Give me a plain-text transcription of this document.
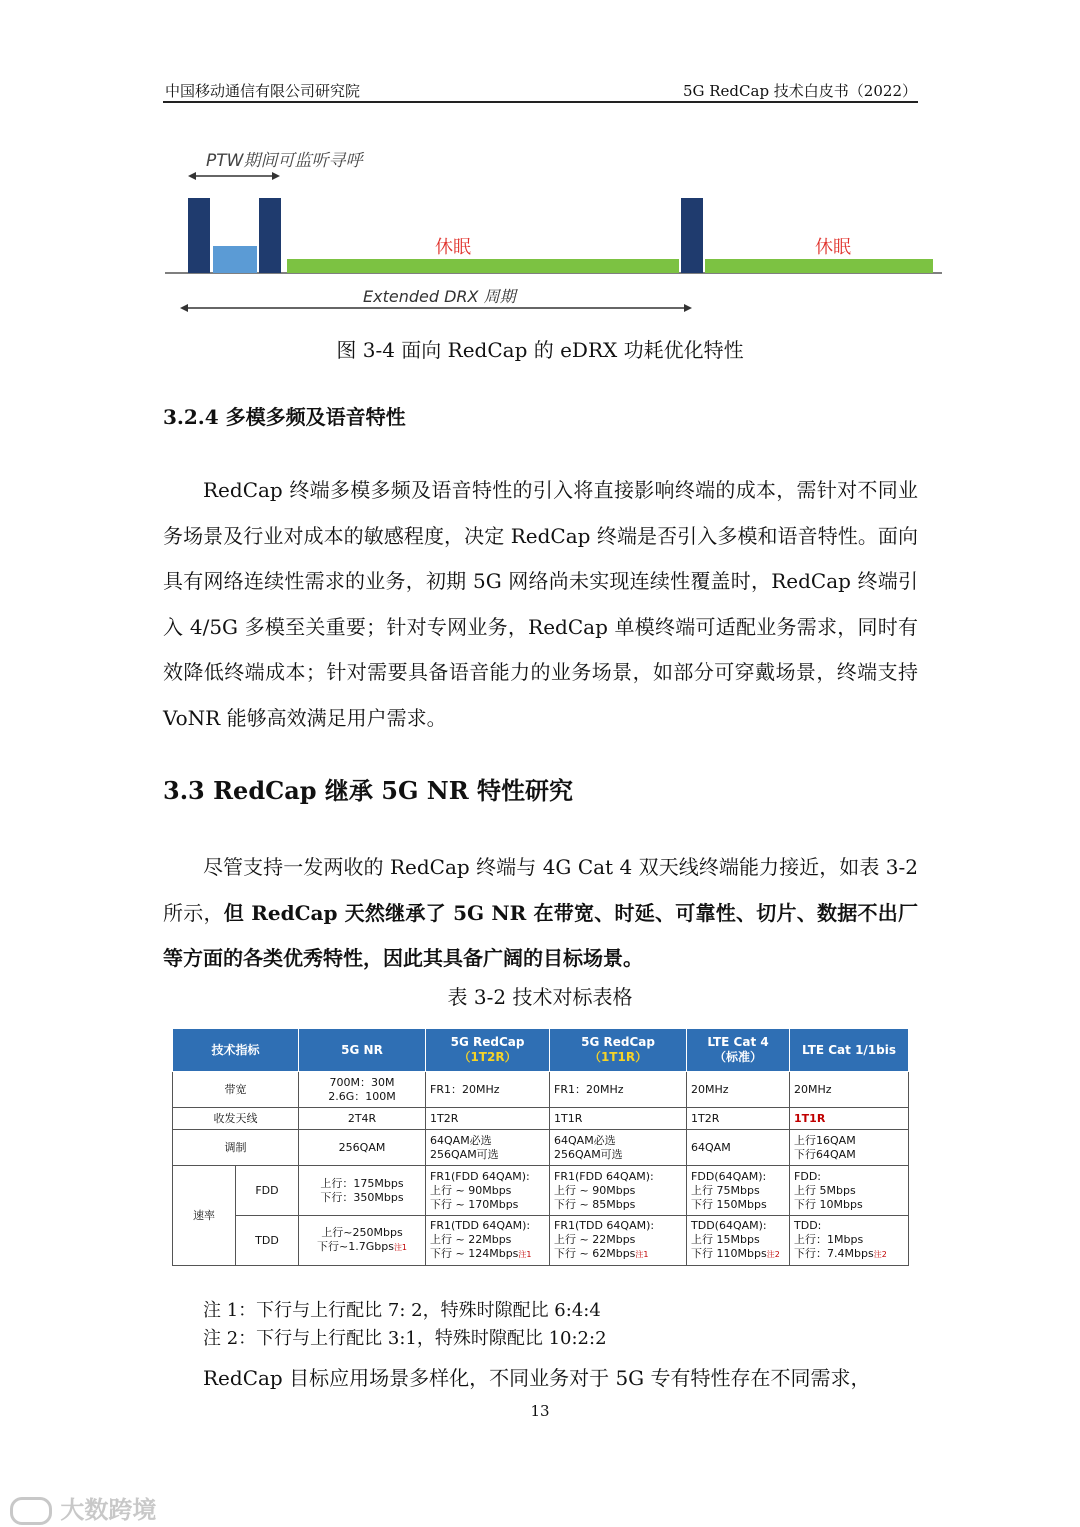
中国移动通信有限公司研究院	5G RedCap 技术白皮书（2022）
PTW期间可监听寻呼
休眠	休眠
Extended DRX 周期
图 3-4 面向 RedCap 的 eDRX 功耗优化特性
3.2.4 多模多频及语音特性

RedCap 终端多模多频及语音特性的引入将直接影响终端的成本，需针对不同业务场景及行业对成本的敏感程度，决定 RedCap 终端是否引入多模和语音特性。面向具有网络连续性需求的业务，初期 5G 网络尚未实现连续性覆盖时，RedCap 终端引入 4/5G 多模至关重要；针对专网业务，RedCap 单模终端可适配业务需求，同时有效降低终端成本；针对需要具备语音能力的业务场景，如部分可穿戴场景，终端支持 VoNR 能够高效满足用户需求。

3.3 RedCap 继承 5G NR 特性研究

尽管支持一发两收的 RedCap 终端与 4G Cat 4 双天线终端能力接近，如表 3-2 所示，但 RedCap 天然继承了 5G NR 在带宽、时延、可靠性、切片、数据不出厂等方面的各类优秀特性，因此其具备广阔的目标场景。

表 3-2 技术对标表格
技术指标		5G NR	5G RedCap
（1T2R）	5G RedCap
（1T1R）	LTE Cat 4
（标准）	LTE Cat 1/1bis
带宽		700M：30M
2.6G：100M	FR1：20MHz	FR1：20MHz	20MHz	20MHz
收发天线		2T4R	1T2R	1T1R	1T2R	1T1R
调制		256QAM	64QAM必选
256QAM可选	64QAM必选
256QAM可选	64QAM	上行16QAM
下行64QAM
速率	FDD	上行：175Mbps
下行：350Mbps	FR1(FDD 64QAM):
上行 ~ 90Mbps
下行 ~ 170Mbps	FR1(FDD 64QAM):
上行 ~ 90Mbps
下行 ~ 85Mbps	FDD(64QAM):
上行 75Mbps
下行 150Mbps	FDD:
上行 5Mbps
下行 10Mbps
	TDD	上行~250Mbps
下行~1.7Gbps注1	FR1(TDD 64QAM):
上行 ~ 22Mbps
下行 ~ 124Mbps注1	FR1(TDD 64QAM):
上行 ~ 22Mbps
下行 ~ 62Mbps注1	TDD(64QAM):
上行 15Mbps
下行 110Mbps注2	TDD:
上行：1Mbps
下行：7.4Mbps注2
注 1：下行与上行配比 7: 2，特殊时隙配比 6:4:4
注 2：下行与上行配比 3:1，特殊时隙配比 10:2:2

RedCap 目标应用场景多样化，不同业务对于 5G 专有特性存在不同需求，

13
大数跨境
